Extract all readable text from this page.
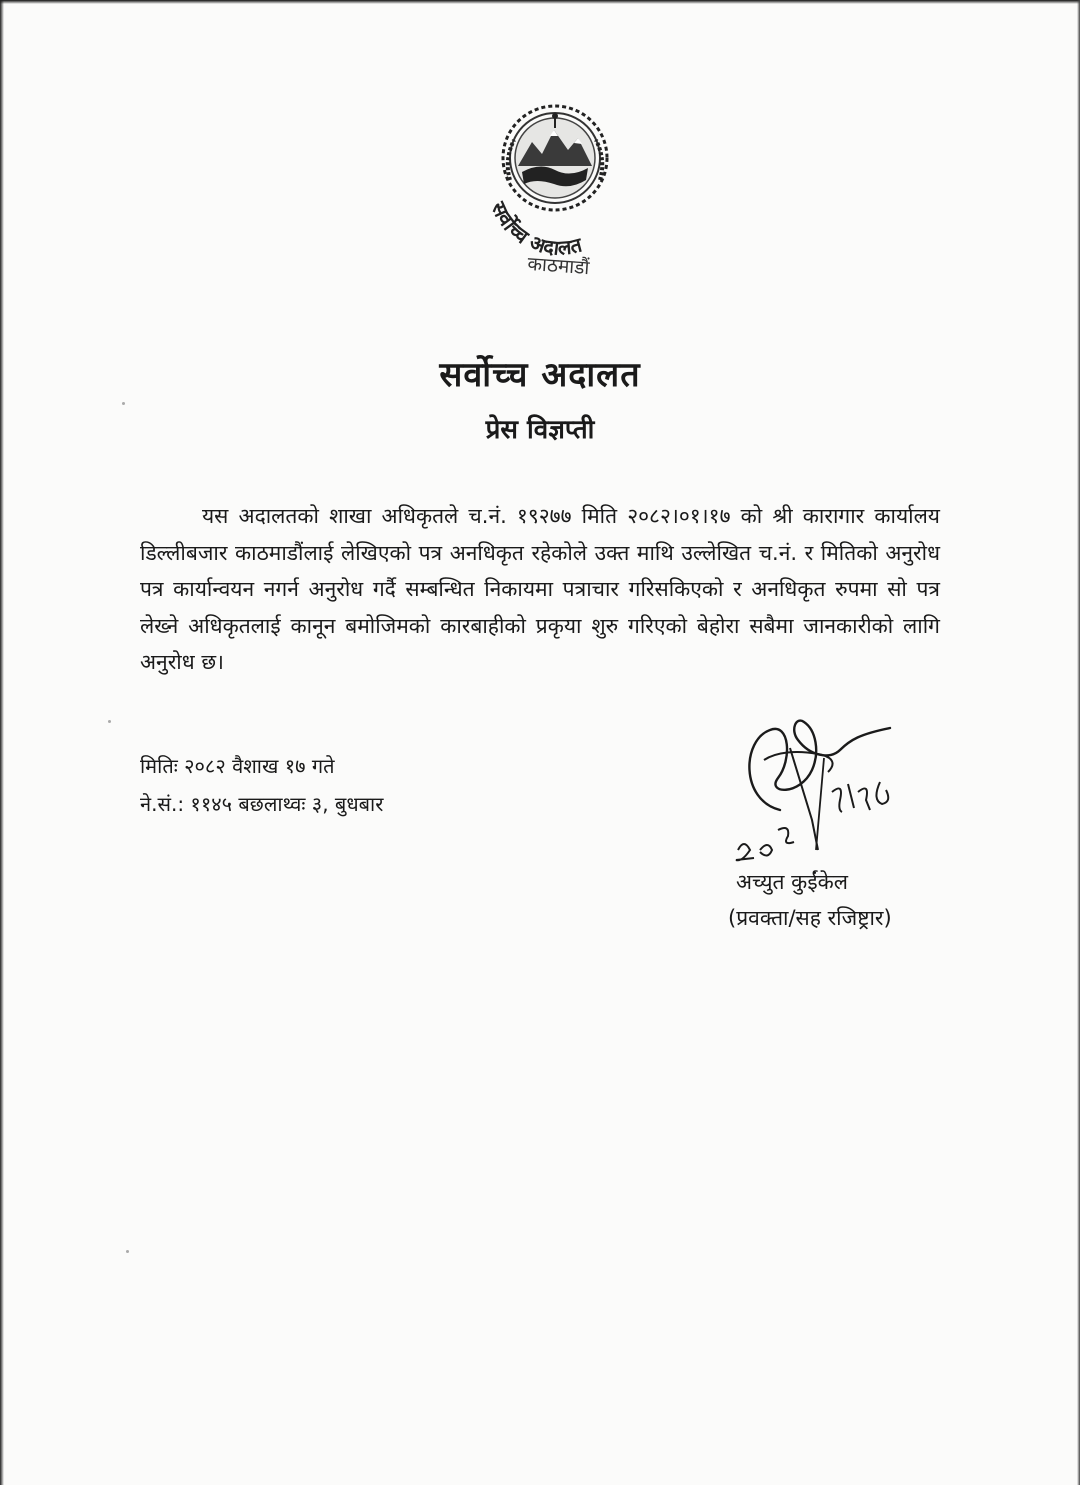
सर्वोच्च अदालत
काठमाडौं
सर्वोच्च अदालत
प्रेस विज्ञप्ती

यस अदालतको शाखा अधिकृतले च.नं. १९२७७ मिति २०८२।०१।१७ को श्री कारागार कार्यालय डिल्लीबजार काठमाडौंलाई लेखिएको पत्र अनधिकृत रहेकोले उक्त माथि उल्लेखित च.नं. र मितिको अनुरोध पत्र कार्यान्वयन नगर्न अनुरोध गर्दै सम्बन्धित निकायमा पत्राचार गरिसकिएको र अनधिकृत रुपमा सो पत्र लेख्ने अधिकृतलाई कानून बमोजिमको कारबाहीको प्रकृया शुरु गरिएको बेहोरा सबैमा जानकारीको लागि अनुरोध छ।

मितिः २०८२ वैशाख १७ गते
ने.सं.: ११४५ बछलाथ्वः ३, बुधबार
अच्युत कुईंकेल
(प्रवक्ता/सह रजिष्ट्रार)
